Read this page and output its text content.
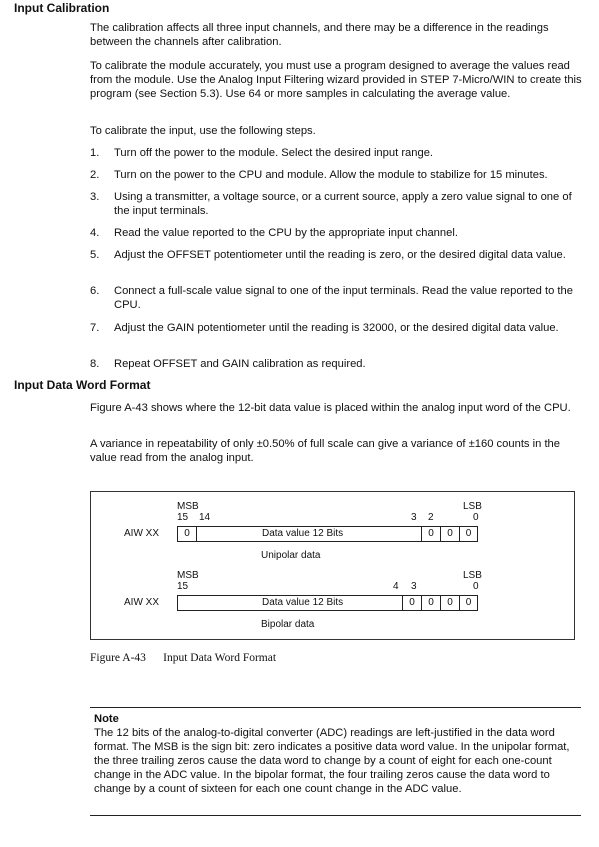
Input Calibration
The calibration affects all three input channels, and there may be a difference in the readings between the channels after calibration.
To calibrate the module accurately, you must use a program designed to average the values read from the module. Use the Analog Input Filtering wizard provided in STEP 7-Micro/WIN to create this program (see Section 5.3). Use 64 or more samples in calculating the average value.
To calibrate the input, use the following steps.
1. Turn off the power to the module. Select the desired input range.
2. Turn on the power to the CPU and module. Allow the module to stabilize for 15 minutes.
3. Using a transmitter, a voltage source, or a current source, apply a zero value signal to one of the input terminals.
4. Read the value reported to the CPU by the appropriate input channel.
5. Adjust the OFFSET potentiometer until the reading is zero, or the desired digital data value.
6. Connect a full-scale value signal to one of the input terminals. Read the value reported to the CPU.
7. Adjust the GAIN potentiometer until the reading is 32000, or the desired digital data value.
8. Repeat OFFSET and GAIN calibration as required.
Input Data Word Format
Figure A-43 shows where the 12-bit data value is placed within the analog input word of the CPU.
A variance in repeatability of only ±0.50% of full scale can give a variance of ±160 counts in the value read from the analog input.
MSB	LSB
15 14	3 2	0
AIW XX	0	Data value 12 Bits	0	0	0
Unipolar data
MSB	LSB
15	4 3	0
AIW XX	Data value 12 Bits	0	0	0	0
Bipolar data
Figure A-43      Input Data Word Format
Note
The 12 bits of the analog-to-digital converter (ADC) readings are left-justified in the data word format. The MSB is the sign bit: zero indicates a positive data word value. In the unipolar format, the three trailing zeros cause the data word to change by a count of eight for each one-count change in the ADC value. In the bipolar format, the four trailing zeros cause the data word to change by a count of sixteen for each one count change in the ADC value.
